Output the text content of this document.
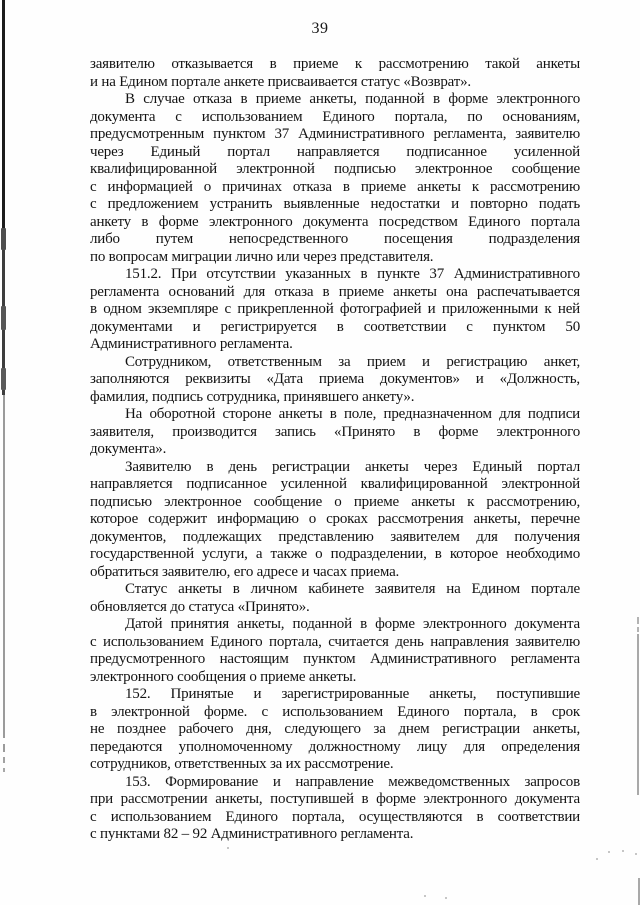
39
заявителю отказывается в приеме к рассмотрению такой анкеты
и на Едином портале анкете присваивается статус «Возврат».
В случае отказа в приеме анкеты, поданной в форме электронного
документа с использованием Единого портала, по основаниям,
предусмотренным пунктом 37 Административного регламента, заявителю
через Единый портал направляется подписанное усиленной
квалифицированной электронной подписью электронное сообщение
с информацией о причинах отказа в приеме анкеты к рассмотрению
с предложением устранить выявленные недостатки и повторно подать
анкету в форме электронного документа посредством Единого портала
либо путем непосредственного посещения подразделения
по вопросам миграции лично или через представителя.
151.2. При отсутствии указанных в пункте 37 Административного
регламента оснований для отказа в приеме анкеты она распечатывается
в одном экземпляре с прикрепленной фотографией и приложенными к ней
документами и регистрируется в соответствии с пунктом 50
Административного регламента.
Сотрудником, ответственным за прием и регистрацию анкет,
заполняются реквизиты «Дата приема документов» и «Должность,
фамилия, подпись сотрудника, принявшего анкету».
На оборотной стороне анкеты в поле, предназначенном для подписи
заявителя, производится запись «Принято в форме электронного
документа».
Заявителю в день регистрации анкеты через Единый портал
направляется подписанное усиленной квалифицированной электронной
подписью электронное сообщение о приеме анкеты к рассмотрению,
которое содержит информацию о сроках рассмотрения анкеты, перечне
документов, подлежащих представлению заявителем для получения
государственной услуги, а также о подразделении, в которое необходимо
обратиться заявителю, его адресе и часах приема.
Статус анкеты в личном кабинете заявителя на Едином портале
обновляется до статуса «Принято».
Датой принятия анкеты, поданной в форме электронного документа
с использованием Единого портала, считается день направления заявителю
предусмотренного настоящим пунктом Административного регламента
электронного сообщения о приеме анкеты.
152. Принятые и зарегистрированные анкеты, поступившие
в электронной форме. с использованием Единого портала, в срок
не позднее рабочего дня, следующего за днем регистрации анкеты,
передаются уполномоченному должностному лицу для определения
сотрудников, ответственных за их рассмотрение.
153. Формирование и направление межведомственных запросов
при рассмотрении анкеты, поступившей в форме электронного документа
с использованием Единого портала, осуществляются в соответствии
с пунктами 82 – 92 Административного регламента.
